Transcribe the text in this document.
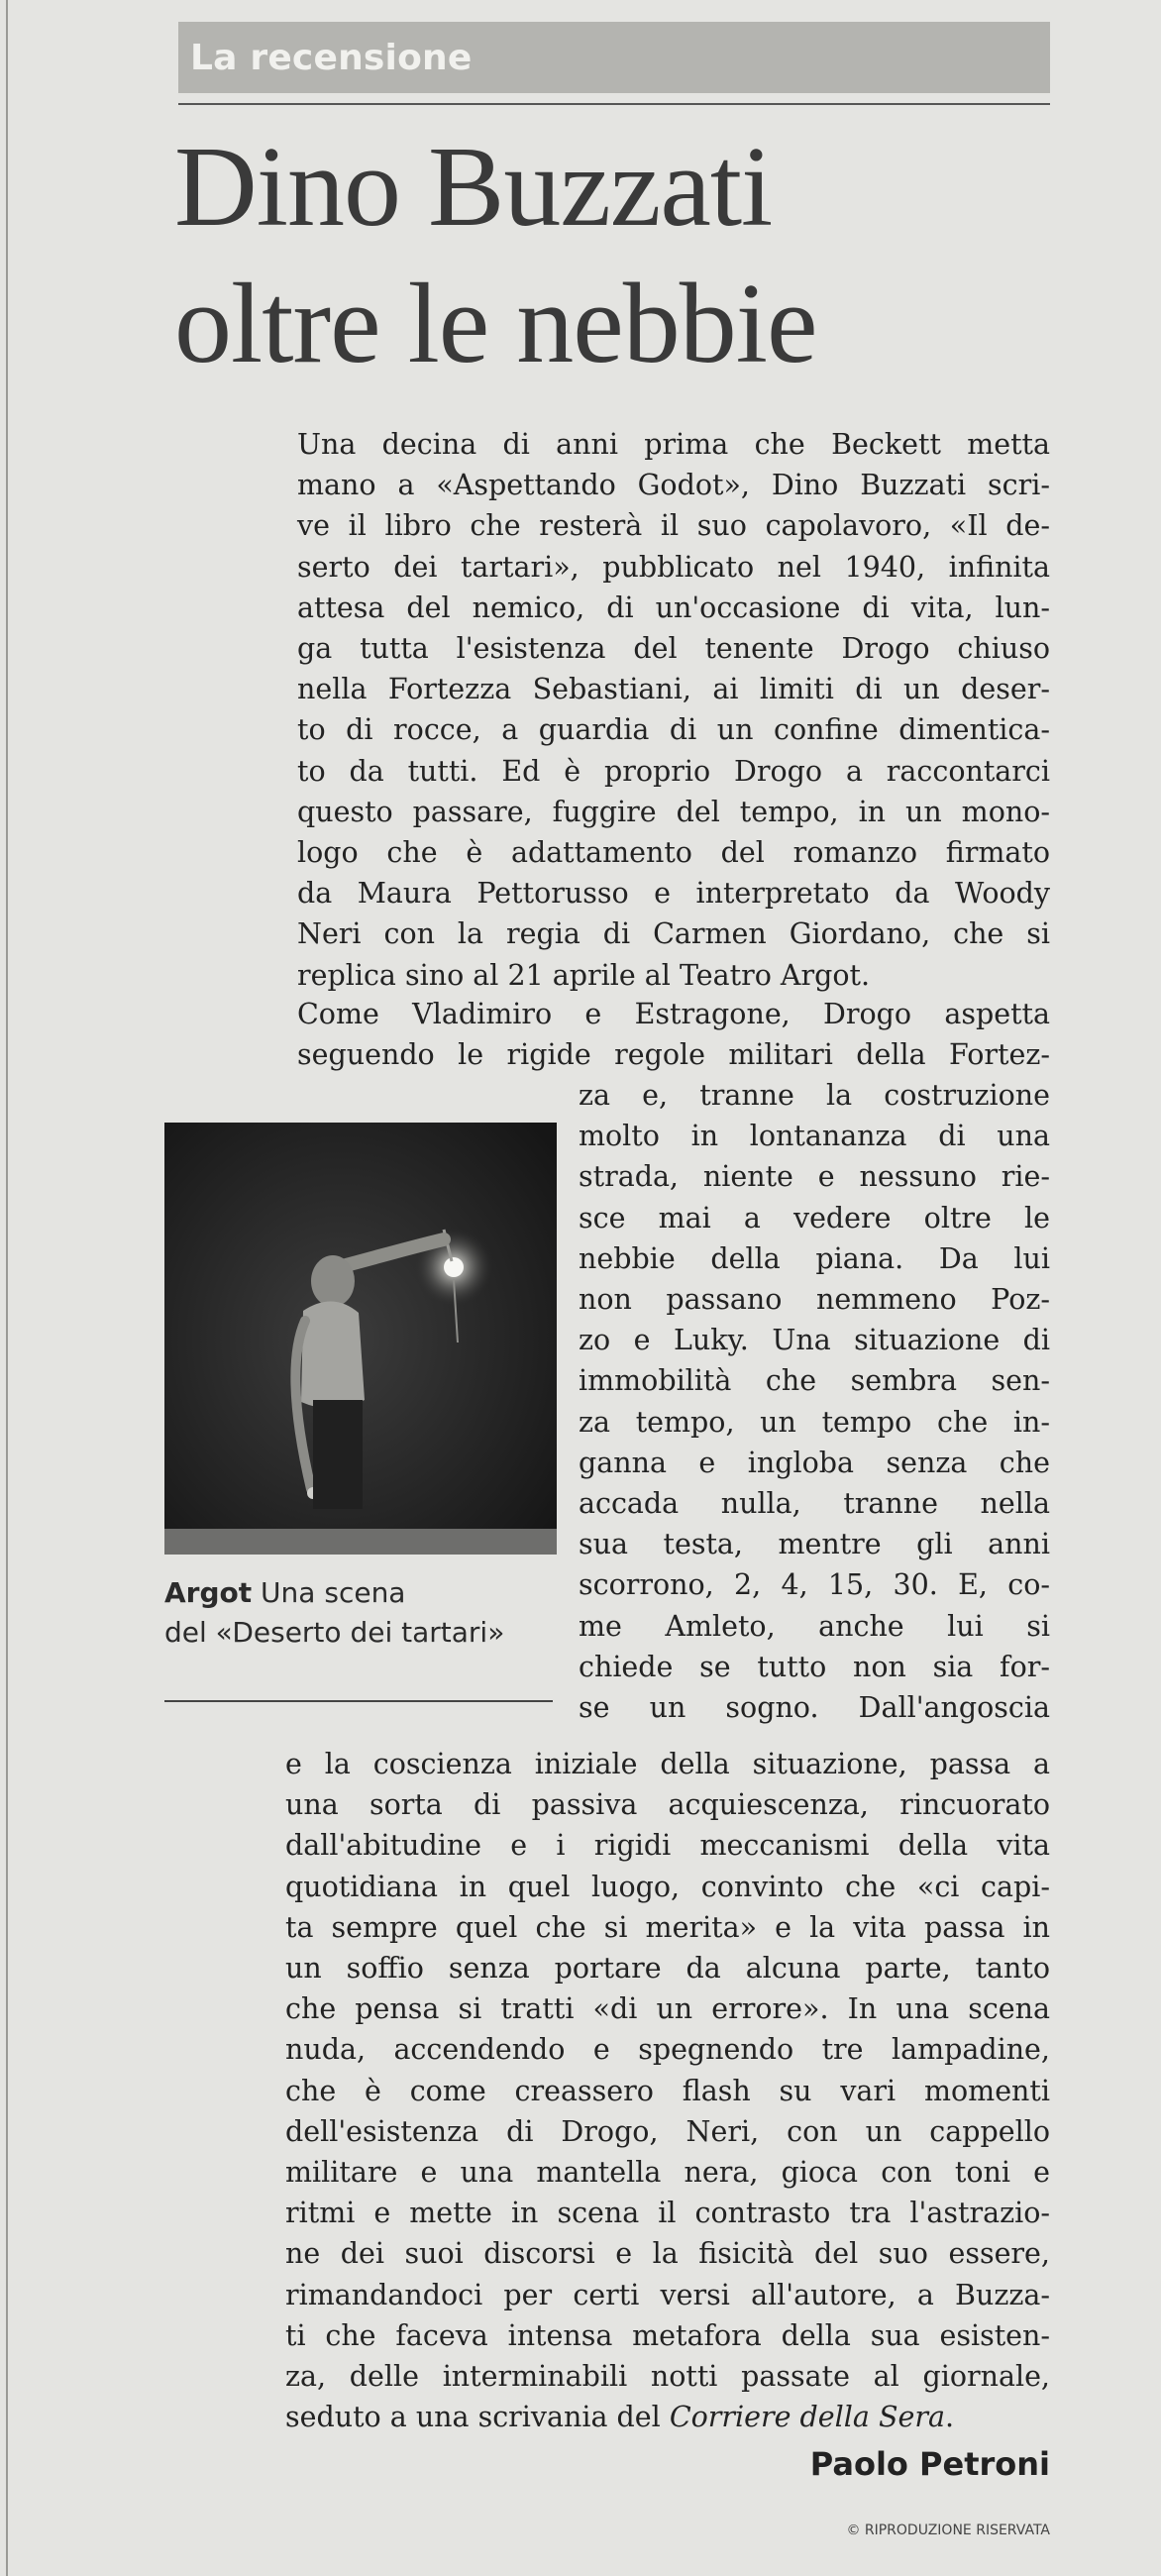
La recensione
Dino Buzzati
oltre le nebbie
Una decina di anni prima che Beckett metta
mano a «Aspettando Godot», Dino Buzzati scri-
ve il libro che resterà il suo capolavoro, «Il de-
serto dei tartari», pubblicato nel 1940, infinita
attesa del nemico, di un'occasione di vita, lun-
ga tutta l'esistenza del tenente Drogo chiuso
nella Fortezza Sebastiani, ai limiti di un deser-
to di rocce, a guardia di un confine dimentica-
to da tutti. Ed è proprio Drogo a raccontarci
questo passare, fuggire del tempo, in un mono-
logo che è adattamento del romanzo firmato
da Maura Pettorusso e interpretato da Woody
Neri con la regia di Carmen Giordano, che si
replica sino al 21 aprile al Teatro Argot.
Come Vladimiro e Estragone, Drogo aspetta
seguendo le rigide regole militari della Fortez-
za e, tranne la costruzione
molto in lontananza di una
strada, niente e nessuno rie-
sce mai a vedere oltre le
nebbie della piana. Da lui
non passano nemmeno Poz-
zo e Luky. Una situazione di
immobilità che sembra sen-
za tempo, un tempo che in-
ganna e ingloba senza che
accada nulla, tranne nella
sua testa, mentre gli anni
scorrono, 2, 4, 15, 30. E, co-
me Amleto, anche lui si
chiede se tutto non sia for-
se un sogno. Dall'angoscia
e la coscienza iniziale della situazione, passa a
una sorta di passiva acquiescenza, rincuorato
dall'abitudine e i rigidi meccanismi della vita
quotidiana in quel luogo, convinto che «ci capi-
ta sempre quel che si merita» e la vita passa in
un soffio senza portare da alcuna parte, tanto
che pensa si tratti «di un errore». In una scena
nuda, accendendo e spegnendo tre lampadine,
che è come creassero flash su vari momenti
dell'esistenza di Drogo, Neri, con un cappello
militare e una mantella nera, gioca con toni e
ritmi e mette in scena il contrasto tra l'astrazio-
ne dei suoi discorsi e la fisicità del suo essere,
rimandandoci per certi versi all'autore, a Buzza-
ti che faceva intensa metafora della sua esisten-
za, delle interminabili notti passate al giornale,
seduto a una scrivania del Corriere della Sera.
Argot Una scena
del «Deserto dei tartari»
Paolo Petroni
© RIPRODUZIONE RISERVATA
